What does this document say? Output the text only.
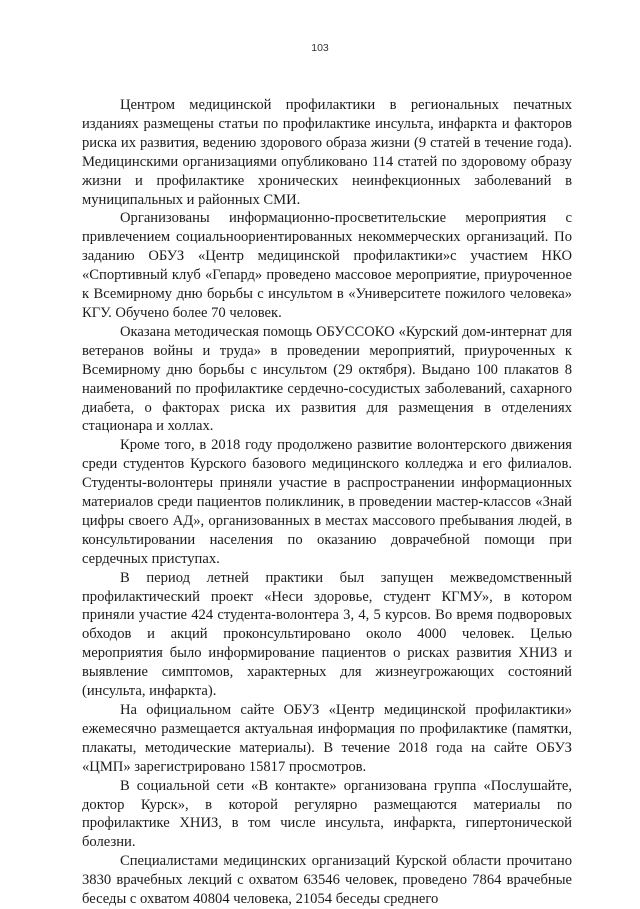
103

Центром медицинской профилактики в региональных печатных изданиях размещены статьи по профилактике инсульта, инфаркта и факторов риска их развития, ведению здорового образа жизни (9 статей в течение года). Медицинскими организациями опубликовано 114 статей по здоровому образу жизни и профилактике хронических неинфекционных заболеваний в муниципальных и районных СМИ.

Организованы информационно-просветительские мероприятия с привлечением социальноориентированных некоммерческих организаций. По заданию ОБУЗ «Центр медицинской профилактики»с участием НКО «Спортивный клуб «Гепард» проведено массовое мероприятие, приуроченное к Всемирному дню борьбы с инсультом в «Университете пожилого человека» КГУ. Обучено более 70 человек.

Оказана методическая помощь ОБУССОКО «Курский дом-интернат для ветеранов войны и труда» в проведении мероприятий, приуроченных к Всемирному дню борьбы с инсультом (29 октября). Выдано 100 плакатов 8 наименований по профилактике сердечно-сосудистых заболеваний, сахарного диабета, о факторах риска их развития для размещения в отделениях стационара и холлах.

Кроме того, в 2018 году продолжено развитие волонтерского движения среди студентов Курского базового медицинского колледжа и его филиалов. Студенты-волонтеры приняли участие в распространении информационных материалов среди пациентов поликлиник, в проведении мастер-классов «Знай цифры своего АД», организованных в местах массового пребывания людей, в консультировании населения по оказанию доврачебной помощи при сердечных приступах.

В период летней практики был запущен межведомственный профилактический проект «Неси здоровье, студент КГМУ», в котором приняли участие 424 студента-волонтера 3, 4, 5 курсов. Во время подворовых обходов и акций проконсультировано около 4000 человек. Целью мероприятия было информирование пациентов о рисках развития ХНИЗ и выявление симптомов, характерных для жизнеугрожающих состояний (инсульта, инфаркта).

На официальном сайте ОБУЗ «Центр медицинской профилактики» ежемесячно размещается актуальная информация по профилактике (памятки, плакаты, методические материалы). В течение 2018 года на сайте ОБУЗ «ЦМП» зарегистрировано 15817 просмотров.

В социальной сети «В контакте» организована группа «Послушайте, доктор Курск», в которой регулярно размещаются материалы по профилактике ХНИЗ, в том числе инсульта, инфаркта, гипертонической болезни.

Специалистами медицинских организаций Курской области прочитано 3830 врачебных лекций с охватом 63546 человек, проведено 7864 врачебные беседы с охватом 40804 человека, 21054 беседы среднего
